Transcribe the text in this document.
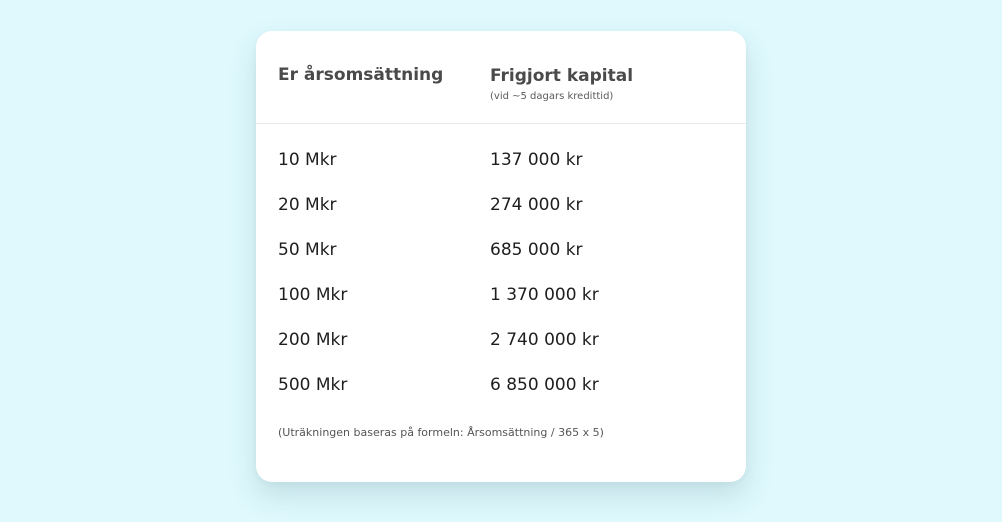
Er årsomsättning	Frigjort kapital
(vid ~5 dagars kredittid)
10 Mkr	137 000 kr
20 Mkr	274 000 kr
50 Mkr	685 000 kr
100 Mkr	1 370 000 kr
200 Mkr	2 740 000 kr
500 Mkr	6 850 000 kr
(Uträkningen baseras på formeln: Årsomsättning / 365 x 5)
